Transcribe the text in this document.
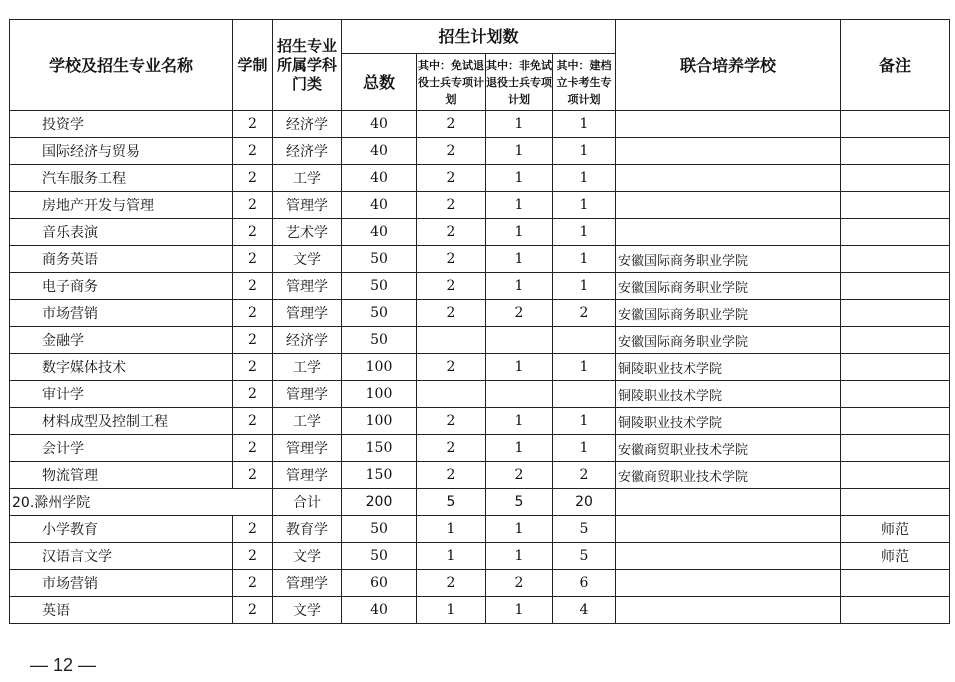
学校及招生专业名称	学制	招生专业所属学科门类	招生计划数				联合培养学校	备注
			总数	其中：免试退役士兵专项计划	其中：非免试退役士兵专项计划	其中：建档立卡考生专项计划		
投资学	2	经济学	40	2	1	1		
国际经济与贸易	2	经济学	40	2	1	1		
汽车服务工程	2	工学	40	2	1	1		
房地产开发与管理	2	管理学	40	2	1	1		
音乐表演	2	艺术学	40	2	1	1		
商务英语	2	文学	50	2	1	1	安徽国际商务职业学院	
电子商务	2	管理学	50	2	1	1	安徽国际商务职业学院	
市场营销	2	管理学	50	2	2	2	安徽国际商务职业学院	
金融学	2	经济学	50				安徽国际商务职业学院	
数字媒体技术	2	工学	100	2	1	1	铜陵职业技术学院	
审计学	2	管理学	100				铜陵职业技术学院	
材料成型及控制工程	2	工学	100	2	1	1	铜陵职业技术学院	
会计学	2	管理学	150	2	1	1	安徽商贸职业技术学院	
物流管理	2	管理学	150	2	2	2	安徽商贸职业技术学院	
20.滁州学院		合计	200	5	5	20		
小学教育	2	教育学	50	1	1	5		师范
汉语言文学	2	文学	50	1	1	5		师范
市场营销	2	管理学	60	2	2	6		
英语	2	文学	40	1	1	4		
— 12 —
